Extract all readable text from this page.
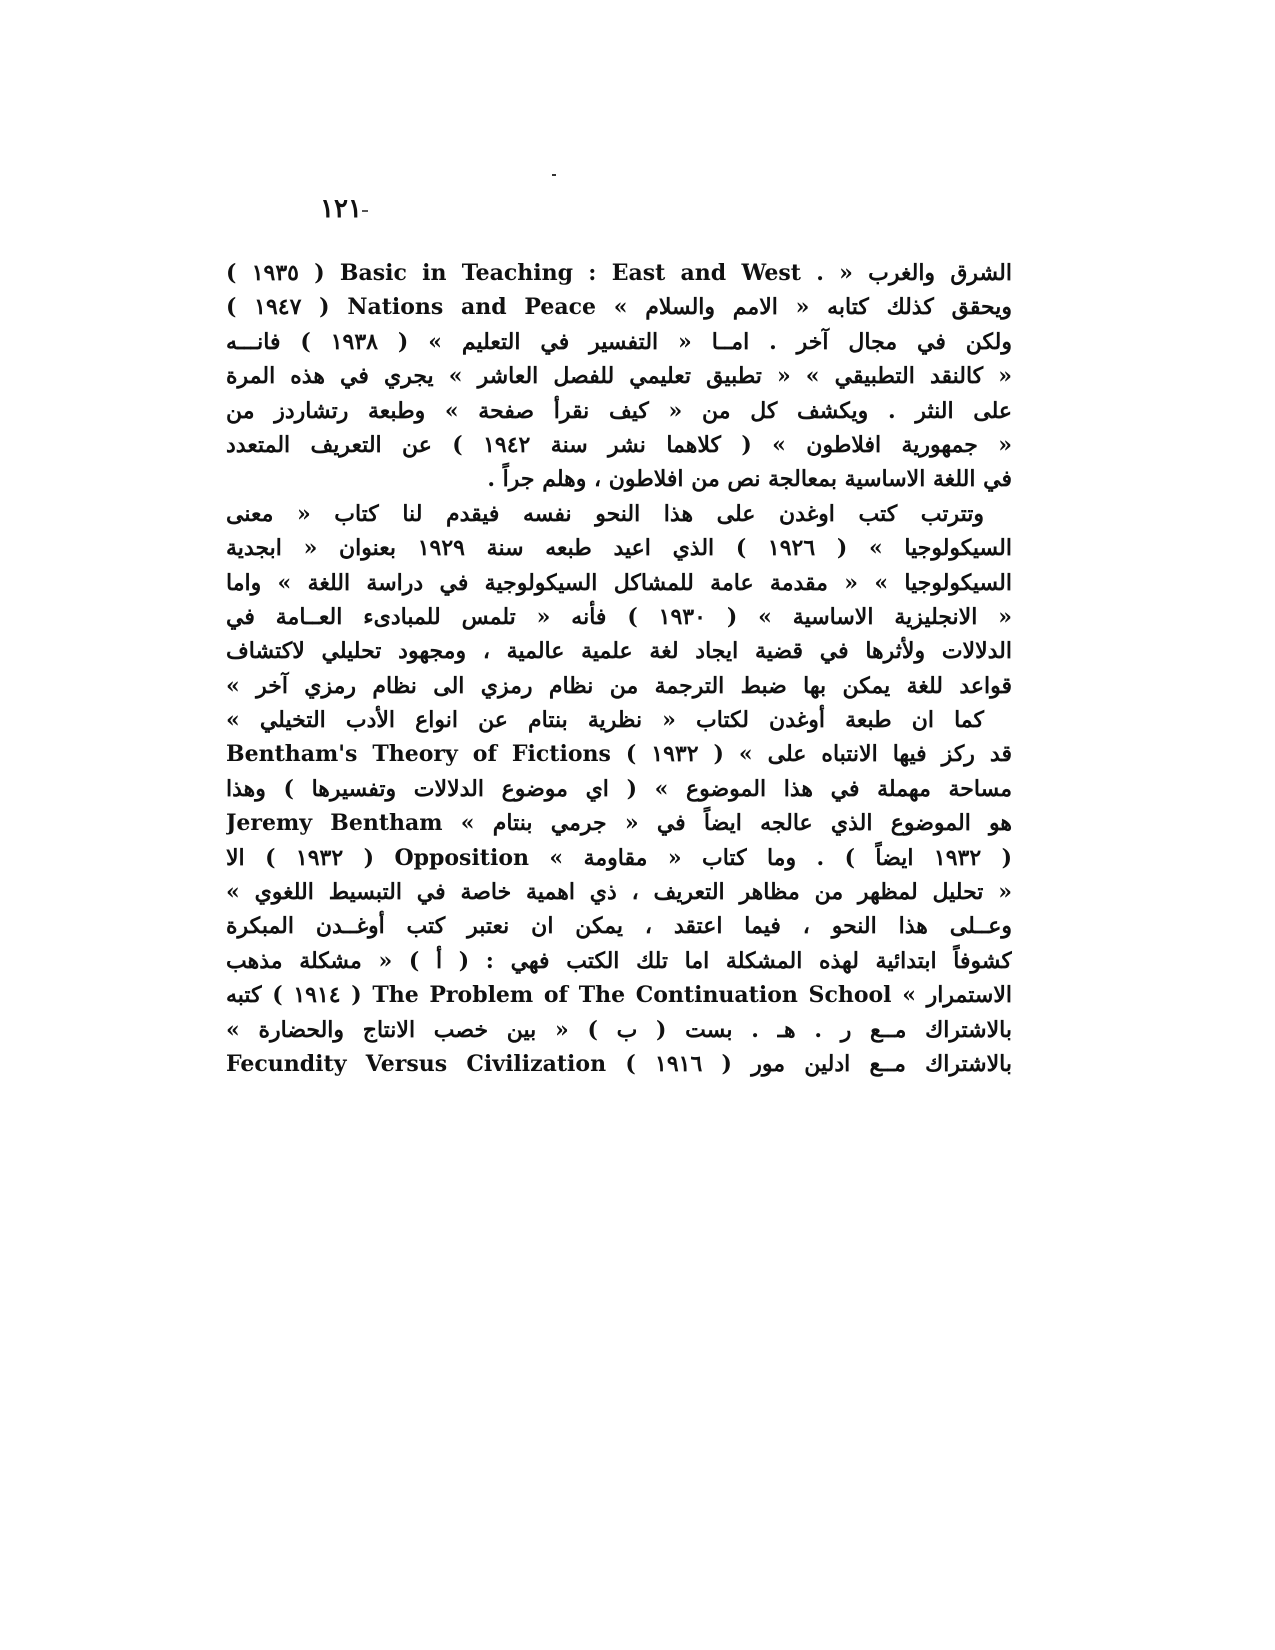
١٢١
الشرق والغرب « . Basic in Teaching : East and West ( ١٩٣٥ )
ويحقق كذلك كتابه « الامم والسلام » Nations and Peace ( ١٩٤٧ )
ولكن في مجال آخر . امــا « التفسير في التعليم » ( ١٩٣٨ ) فانـــه
« كالنقد التطبيقي » « تطبيق تعليمي للفصل العاشر » يجري في هذه المرة
على النثر . ويكشف كل من « كيف نقرأ صفحة » وطبعة رتشاردز من
« جمهورية افلاطون » ( كلاهما نشر سنة ١٩٤٢ ) عن التعريف المتعدد
في اللغة الاساسية بمعالجة نص من افلاطون ، وهلم جراً .
وتترتب كتب اوغدن على هذا النحو نفسه فيقدم لنا كتاب « معنى
السيكولوجيا » ( ١٩٢٦ ) الذي اعيد طبعه سنة ١٩٢٩ بعنوان « ابجدية
السيكولوجيا » « مقدمة عامة للمشاكل السيكولوجية في دراسة اللغة » واما
« الانجليزية الاساسية » ( ١٩٣٠ ) فأنه « تلمس للمبادىء العــامة في
الدلالات ولأثرها في قضية ايجاد لغة علمية عالمية ، ومجهود تحليلي لاكتشاف
قواعد للغة يمكن بها ضبط الترجمة من نظام رمزي الى نظام رمزي آخر »
كما ان طبعة أوغدن لكتاب « نظرية بنتام عن انواع الأدب التخيلي »
Bentham's Theory of Fictions ( ١٩٣٢ ) « قد ركز فيها الانتباه على
مساحة مهملة في هذا الموضوع » ( اي موضوع الدلالات وتفسيرها ) وهذا
هو الموضوع الذي عالجه ايضاً في « جرمي بنتام » Jeremy Bentham
( ١٩٣٢ ايضاً ) . وما كتاب « مقاومة » Opposition ( ١٩٣٢ ) الا
« تحليل لمظهر من مظاهر التعريف ، ذي اهمية خاصة في التبسيط اللغوي »
وعــلى هذا النحو ، فيما اعتقد ، يمكن ان نعتبر كتب أوغــدن المبكرة
كشوفاً ابتدائية لهذه المشكلة اما تلك الكتب فهي : ( أ ) « مشكلة مذهب
الاستمرار » The Problem of The Continuation School ( ١٩١٤ ) كتبه
بالاشتراك مــع ر . هـ . بست ( ب ) « بين خصب الانتاج والحضارة »
Fecundity Versus Civilization ( ١٩١٦ ) بالاشتراك مــع ادلين مور
